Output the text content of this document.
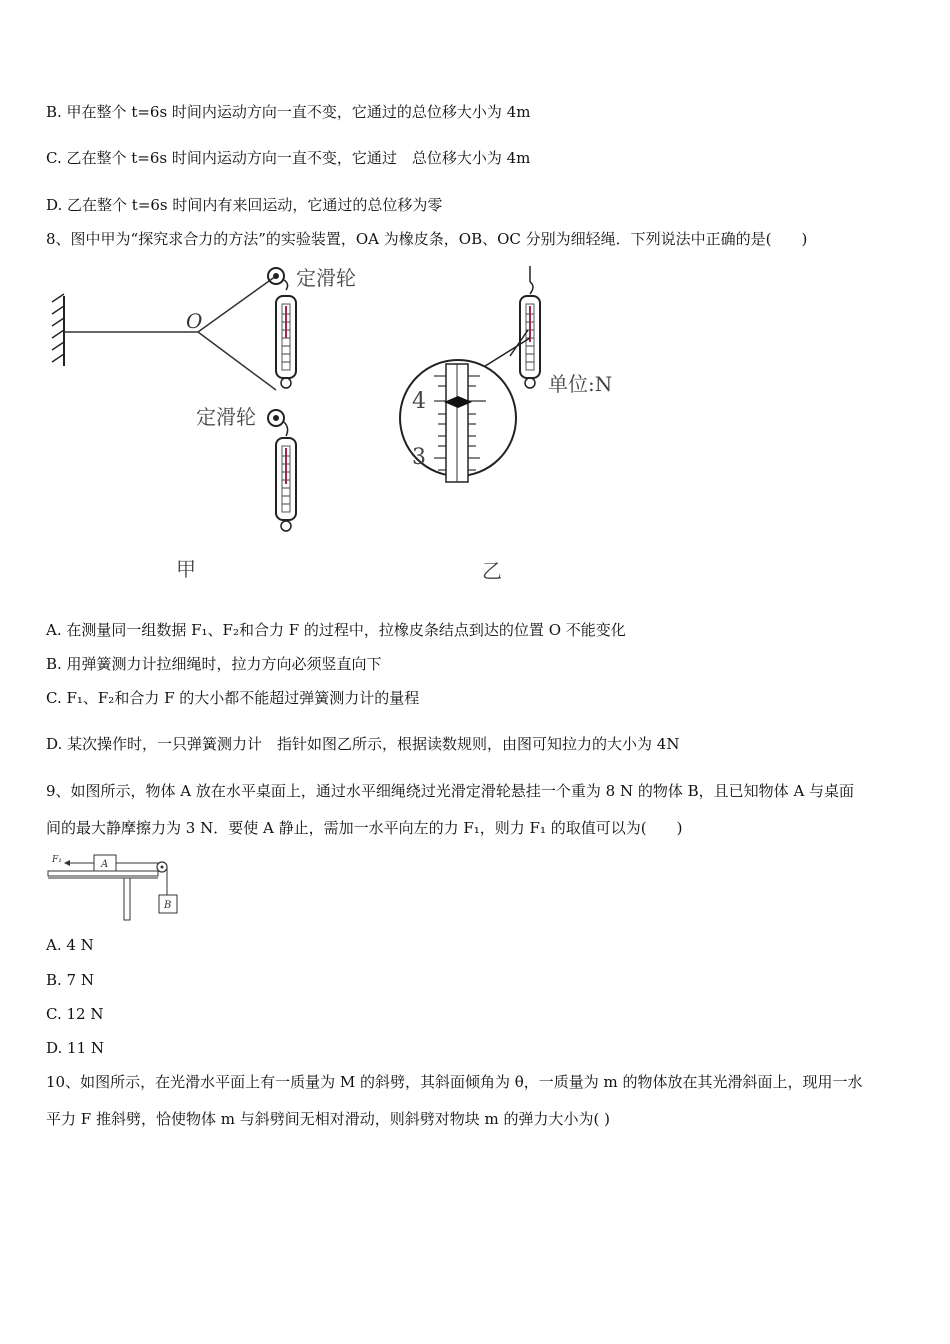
B. 甲在整个 t=6s 时间内运动方向一直不变，它通过的总位移大小为 4m
C. 乙在整个 t=6s 时间内运动方向一直不变，它通过　总位移大小为 4m
D. 乙在整个 t=6s 时间内有来回运动，它通过的总位移为零
8、图中甲为“探究求合力的方法”的实验装置，OA 为橡皮条，OB、OC 分别为细轻绳．下列说法中正确的是(　　)
O
定滑轮
定滑轮
单位:N
4
3
甲	乙
A. 在测量同一组数据 F₁、F₂和合力 F 的过程中，拉橡皮条结点到达的位置 O 不能变化
B. 用弹簧测力计拉细绳时，拉力方向必须竖直向下
C. F₁、F₂和合力 F 的大小都不能超过弹簧测力计的量程
D. 某次操作时，一只弹簧测力计　指针如图乙所示，根据读数规则，由图可知拉力的大小为 4N
9、如图所示，物体 A 放在水平桌面上，通过水平细绳绕过光滑定滑轮悬挂一个重为 8 N 的物体 B，且已知物体 A 与桌面
间的最大静摩擦力为 3 N．要使 A 静止，需加一水平向左的力 F₁，则力 F₁ 的取值可以为(　　)
A
F₁
B
A. 4 N
B. 7 N
C. 12 N
D. 11 N
10、如图所示，在光滑水平面上有一质量为 M 的斜劈，其斜面倾角为 θ，一质量为 m 的物体放在其光滑斜面上，现用一水
平力 F 推斜劈，恰使物体 m 与斜劈间无相对滑动，则斜劈对物块 m 的弹力大小为( )
